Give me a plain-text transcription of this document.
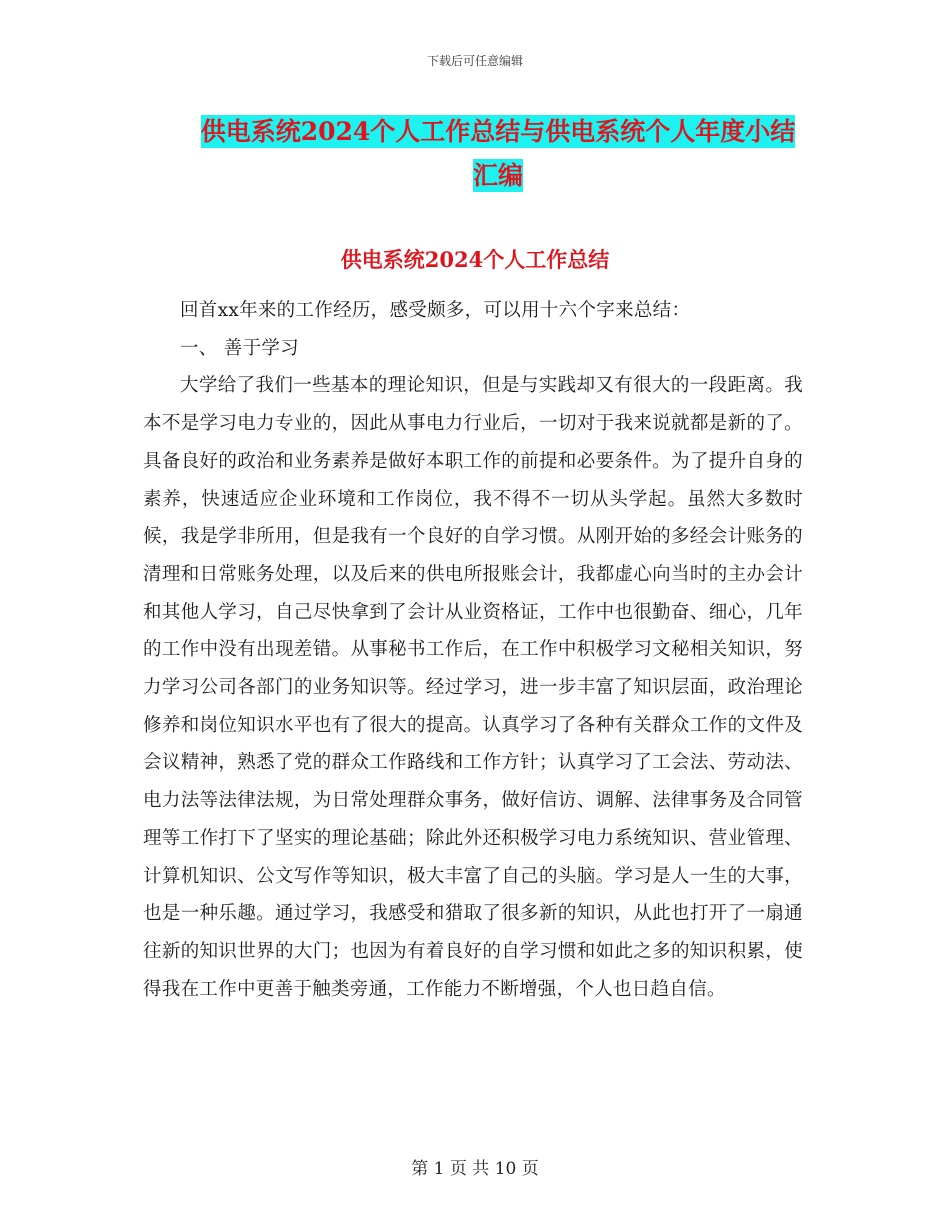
下载后可任意编辑
供电系统2024个人工作总结与供电系统个人年度小结
汇编
供电系统2024个人工作总结

回首xx年来的工作经历，感受颇多，可以用十六个字来总结：

一、 善于学习

大学给了我们一些基本的理论知识，但是与实践却又有很大的一段距离。我本不是学习电力专业的，因此从事电力行业后，一切对于我来说就都是新的了。具备良好的政治和业务素养是做好本职工作的前提和必要条件。为了提升自身的素养，快速适应企业环境和工作岗位，我不得不一切从头学起。虽然大多数时候，我是学非所用，但是我有一个良好的自学习惯。从刚开始的多经会计账务的清理和日常账务处理，以及后来的供电所报账会计，我都虚心向当时的主办会计和其他人学习，自己尽快拿到了会计从业资格证，工作中也很勤奋、细心，几年的工作中没有出现差错。从事秘书工作后，在工作中积极学习文秘相关知识，努力学习公司各部门的业务知识等。经过学习，进一步丰富了知识层面，政治理论修养和岗位知识水平也有了很大的提高。认真学习了各种有关群众工作的文件及会议精神，熟悉了党的群众工作路线和工作方针；认真学习了工会法、劳动法、电力法等法律法规，为日常处理群众事务，做好信访、调解、法律事务及合同管理等工作打下了坚实的理论基础；除此外还积极学习电力系统知识、营业管理、计算机知识、公文写作等知识，极大丰富了自己的头脑。学习是人一生的大事，也是一种乐趣。通过学习，我感受和猎取了很多新的知识，从此也打开了一扇通往新的知识世界的大门；也因为有着良好的自学习惯和如此之多的知识积累，使得我在工作中更善于触类旁通，工作能力不断增强，个人也日趋自信。

第 1 页 共 10 页
